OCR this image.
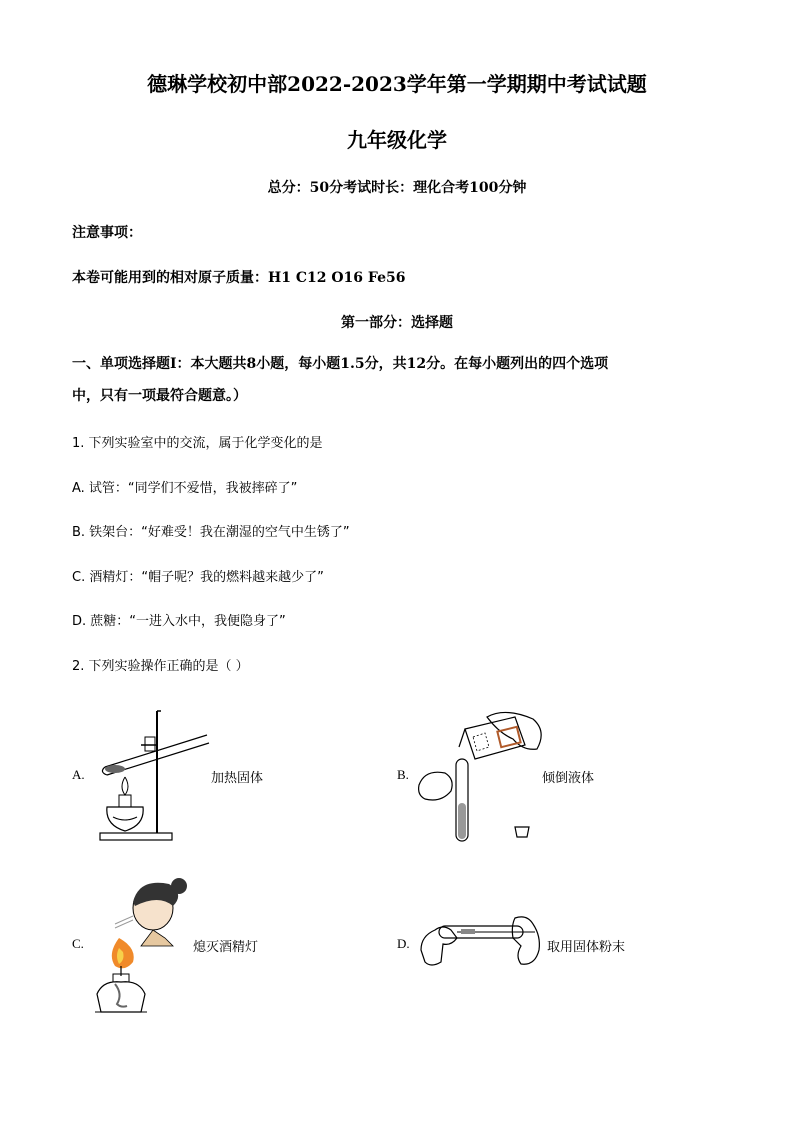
德琳学校初中部2022-2023学年第一学期期中考试试题
九年级化学
总分：50分考试时长：理化合考100分钟
注意事项：
本卷可能用到的相对原子质量：H1 C12 O16 Fe56
第一部分：选择题
一、单项选择题Ⅰ：本大题共8小题，每小题1.5分，共12分。在每小题列出的四个选项
中，只有一项最符合题意。）
1. 下列实验室中的交流，属于化学变化的是
A. 试管：“同学们不爱惜，我被摔碎了”
B. 铁架台：“好难受！我在潮湿的空气中生锈了”
C. 酒精灯：“帽子呢？我的燃料越来越少了”
D. 蔗糖：“一进入水中，我便隐身了”
2. 下列实验操作正确的是（ ）
A.	加热固体	B.	倾倒液体
C.	熄灭酒精灯	D.	取用固体粉末
